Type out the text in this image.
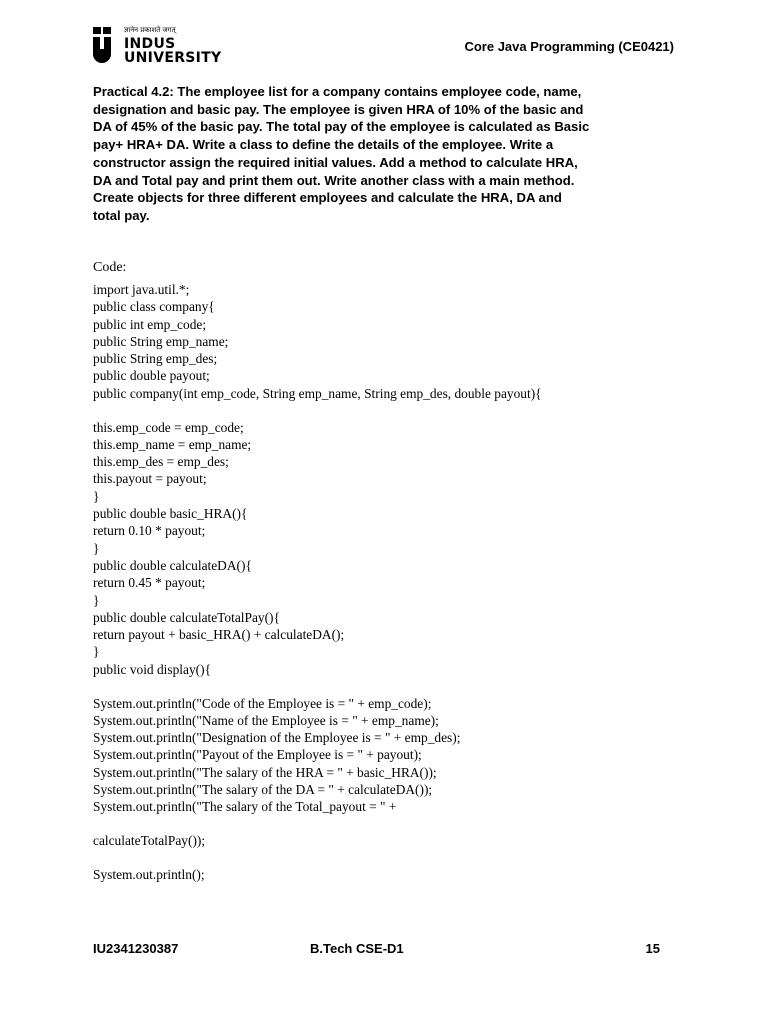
ज्ञानेन प्रकाशते जगत्
INDUS
UNIVERSITY
Core Java Programming (CE0421)

Practical 4.2: The employee list for a company contains employee code, name, designation and basic pay. The employee is given HRA of 10% of the basic and DA of 45% of the basic pay. The total pay of the employee is calculated as Basic pay+ HRA+ DA. Write a class to define the details of the employee. Write a constructor assign the required initial values. Add a method to calculate HRA, DA and Total pay and print them out. Write another class with a main method. Create objects for three different employees and calculate the HRA, DA and total pay.

Code:
import java.util.*;
public class company{
public int emp_code;
public String emp_name;
public String emp_des;
public double payout;
public company(int emp_code, String emp_name, String emp_des, double payout){
this.emp_code = emp_code;
this.emp_name = emp_name;
this.emp_des = emp_des;
this.payout = payout;
}
public double basic_HRA(){
return 0.10 * payout;
}
public double calculateDA(){
return 0.45 * payout;
}
public double calculateTotalPay(){
return payout + basic_HRA() + calculateDA();
}
public void display(){
System.out.println("Code of the Employee is = " + emp_code);
System.out.println("Name of the Employee is = " + emp_name);
System.out.println("Designation of the Employee is = " + emp_des);
System.out.println("Payout of the Employee is = " + payout);
System.out.println("The salary of the HRA = " + basic_HRA());
System.out.println("The salary of the DA = " + calculateDA());
System.out.println("The salary of the Total_payout = " +
calculateTotalPay());
System.out.println();
IU2341230387	B.Tech CSE-D1	15
